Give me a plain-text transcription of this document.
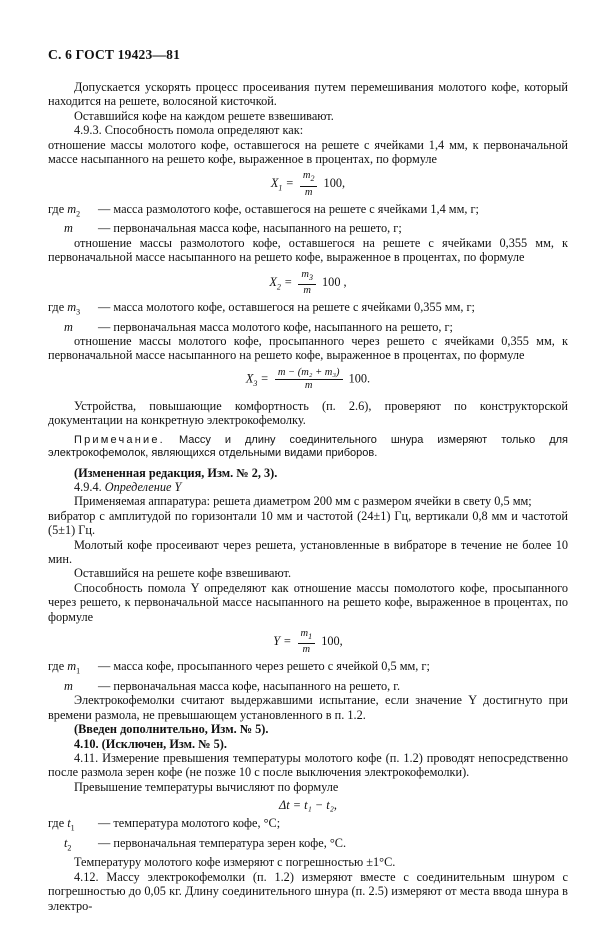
С. 6 ГОСТ 19423—81

Допускается ускорять процесс просеивания путем перемешивания молотого кофе, который находится на решете, волосяной кисточкой.

Оставшийся кофе на каждом решете взвешивают.

4.9.3. Способность помола определяют как:

отношение массы молотого кофе, оставшегося на решете с ячейками 1,4 мм, к первоначальной массе насыпанного на решето кофе, выраженное в процентах, по формуле

$X_1 = \frac{m_2}{m} 100$,
где $m_2$	— масса размолотого кофе, оставшегося на решете с ячейками 1,4 мм, г;
m	— первоначальная масса кофе, насыпанного на решето, г;

отношение массы размолотого кофе, оставшегося на решете с ячейками 0,355 мм, к первоначальной массе насыпанного на решето кофе, выраженное в процентах, по формуле

$X_2 = \frac{m_3}{m} 100$ ,
где $m_3$	— масса молотого кофе, оставшегося на решете с ячейками 0,355 мм, г;
m	— первоначальная масса молотого кофе, насыпанного на решето, г;

отношение массы молотого кофе, просыпанного через решето с ячейками 0,355 мм, к первоначальной массе насыпанного на решето кофе, выраженное в процентах, по формуле

$X_3 = \frac{\text{m − (m₂ + m₃)}}{m} 100$.

Устройства, повышающие комфортность (п. 2.6), проверяют по конструкторской документации на конкретную электрокофемолку.

Примечание. Массу и длину соединительного шнура измеряют только для электрокофемолок, являющихся отдельными видами приборов.

(Измененная редакция, Изм. № 2, 3).

4.9.4. Определение Y

Применяемая аппаратура: решета диаметром 200 мм с размером ячейки в свету 0,5 мм;

вибратор с амплитудой по горизонтали 10 мм и частотой (24±1) Гц, вертикали 0,8 мм и частотой (5±1) Гц.

Молотый кофе просеивают через решета, установленные в вибраторе в течение не более 10 мин.

Оставшийся на решете кофе взвешивают.

Способность помола Y определяют как отношение массы помолотого кофе, просыпанного через решето, к первоначальной массе насыпанного на решето кофе, выраженное в процентах, по формуле

$Y = \frac{m_1}{m} 100$,
где $m_1$	— масса кофе, просыпанного через решето с ячейкой 0,5 мм, г;
m	— первоначальная масса кофе, насыпанного на решето, г.

Электрокофемолки считают выдержавшими испытание, если значение Y достигнуто при времени размола, не превышающем установленного в п. 1.2.

(Введен дополнительно, Изм. № 5).

4.10. (Исключен, Изм. № 5).

4.11. Измерение превышения температуры молотого кофе (п. 1.2) проводят непосредственно после размола зерен кофе (не позже 10 с после выключения электрокофемолки).

Превышение температуры вычисляют по формуле

Δt = t₁ − t₂,
где $t_1$	— температура молотого кофе, °С;
$t_2$	— первоначальная температура зерен кофе, °С.

Температуру молотого кофе измеряют с погрешностью ±1°С.

4.12. Массу электрокофемолки (п. 1.2) измеряют вместе с соединительным шнуром с погрешностью до 0,05 кг. Длину соединительного шнура (п. 2.5) измеряют от места ввода шнура в электро-
